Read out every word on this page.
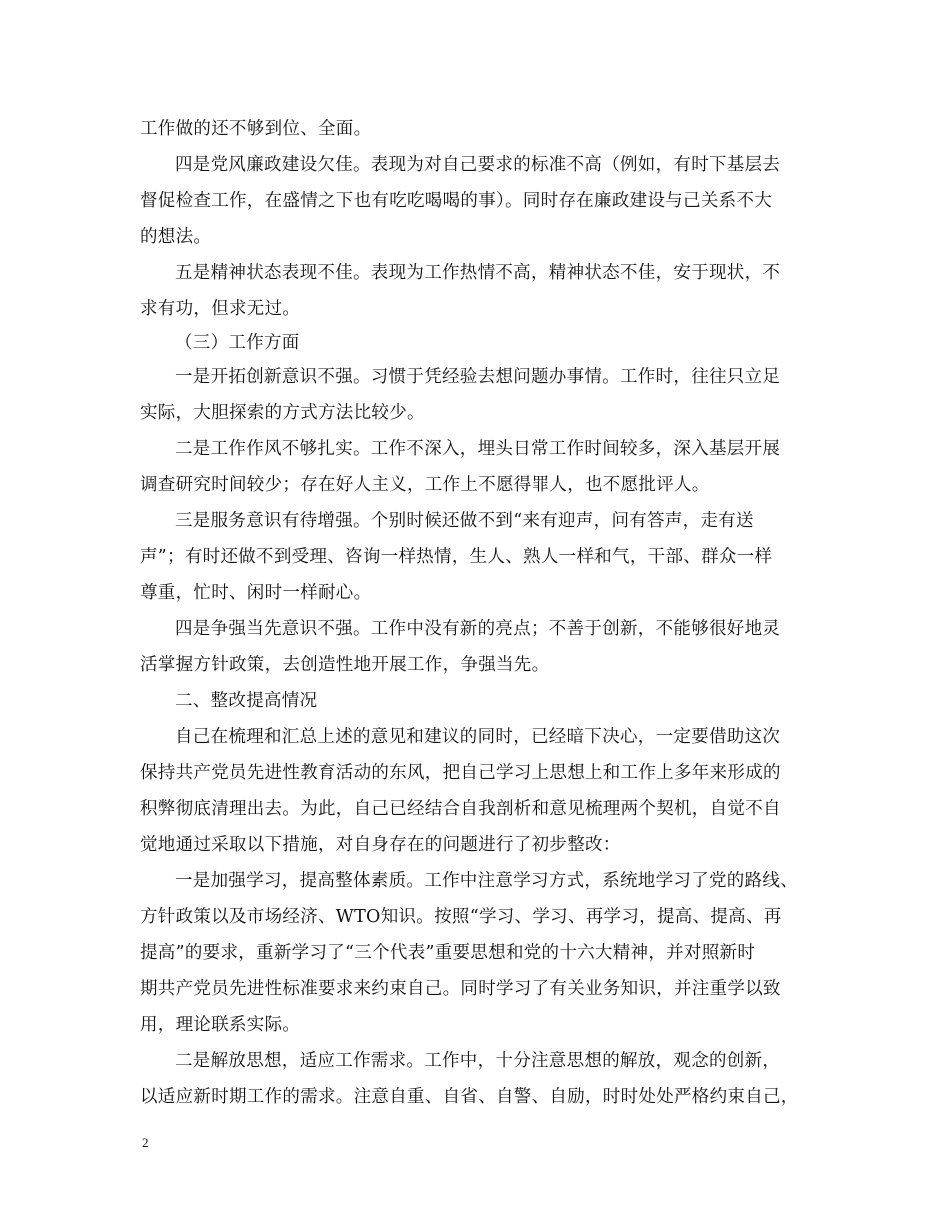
工作做的还不够到位、全面。
四是党风廉政建设欠佳。表现为对自己要求的标准不高（例如，有时下基层去
督促检查工作，在盛情之下也有吃吃喝喝的事）。同时存在廉政建设与己关系不大
的想法。
五是精神状态表现不佳。表现为工作热情不高，精神状态不佳，安于现状，不
求有功，但求无过。
（三）工作方面
一是开拓创新意识不强。习惯于凭经验去想问题办事情。工作时，往往只立足
实际，大胆探索的方式方法比较少。
二是工作作风不够扎实。工作不深入，埋头日常工作时间较多，深入基层开展
调查研究时间较少；存在好人主义，工作上不愿得罪人，也不愿批评人。
三是服务意识有待增强。个别时候还做不到“来有迎声，问有答声，走有送
声”；有时还做不到受理、咨询一样热情，生人、熟人一样和气，干部、群众一样
尊重，忙时、闲时一样耐心。
四是争强当先意识不强。工作中没有新的亮点；不善于创新，不能够很好地灵
活掌握方针政策，去创造性地开展工作，争强当先。
二、整改提高情况
自己在梳理和汇总上述的意见和建议的同时，已经暗下决心，一定要借助这次
保持共产党员先进性教育活动的东风，把自己学习上思想上和工作上多年来形成的
积弊彻底清理出去。为此，自己已经结合自我剖析和意见梳理两个契机，自觉不自
觉地通过采取以下措施，对自身存在的问题进行了初步整改：
一是加强学习，提高整体素质。工作中注意学习方式，系统地学习了党的路线、
方针政策以及市场经济、WTO知识。按照“学习、学习、再学习，提高、提高、再
提高”的要求，重新学习了“三个代表”重要思想和党的十六大精神，并对照新时
期共产党员先进性标准要求来约束自己。同时学习了有关业务知识，并注重学以致
用，理论联系实际。
二是解放思想，适应工作需求。工作中，十分注意思想的解放，观念的创新，
以适应新时期工作的需求。注意自重、自省、自警、自励，时时处处严格约束自己，
2
